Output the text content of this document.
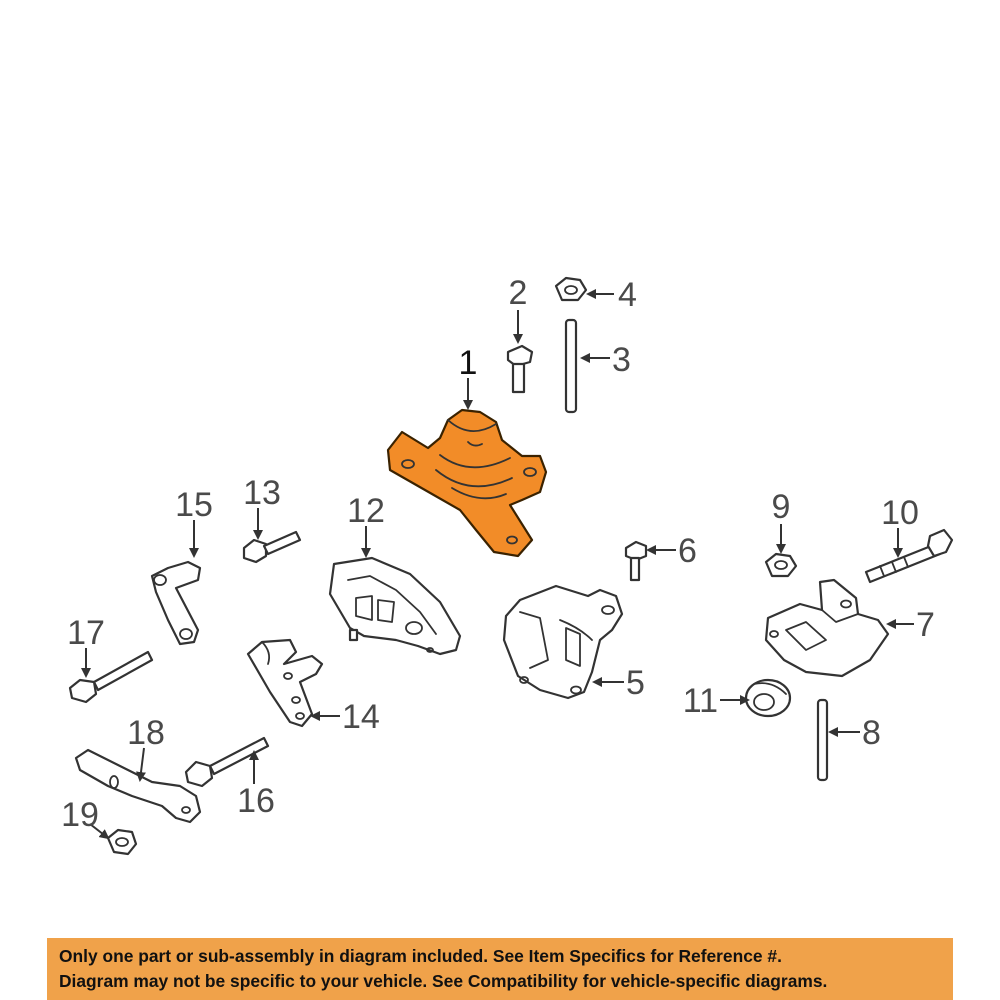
1
2
3
4
5
6
7
8
9	10
11
12
13
14
15
16
17
18
19
Only one part or sub-assembly in diagram included. See Item Specifics for Reference #.
Diagram may not be specific to your vehicle. See Compatibility for vehicle-specific diagrams.
